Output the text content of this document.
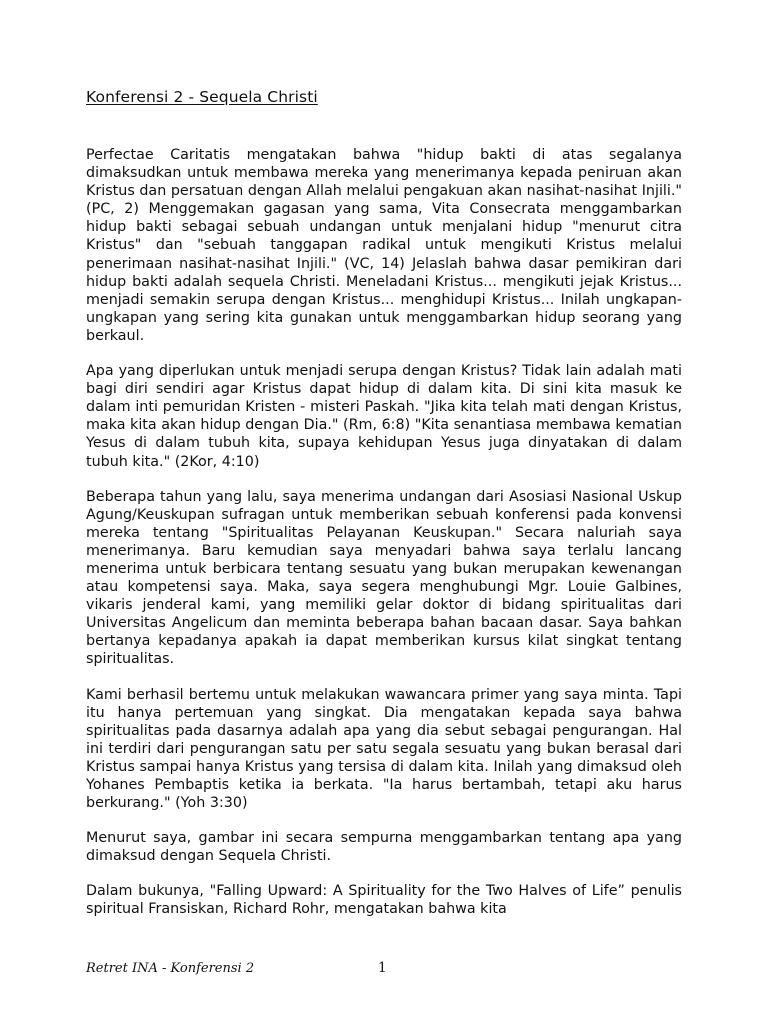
Konferensi 2 - Sequela Christi

Perfectae Caritatis mengatakan bahwa "hidup bakti di atas segalanya dimaksudkan untuk membawa mereka yang menerimanya kepada peniruan akan Kristus dan persatuan dengan Allah melalui pengakuan akan nasihat-nasihat Injili." (PC, 2) Menggemakan gagasan yang sama, Vita Consecrata menggambarkan hidup bakti sebagai sebuah undangan untuk menjalani hidup "menurut citra Kristus" dan "sebuah tanggapan radikal untuk mengikuti Kristus melalui penerimaan nasihat-nasihat Injili." (VC, 14) Jelaslah bahwa dasar pemikiran dari hidup bakti adalah sequela Christi. Meneladani Kristus... mengikuti jejak Kristus... menjadi semakin serupa dengan Kristus... menghidupi Kristus... Inilah ungkapan-ungkapan yang sering kita gunakan untuk menggambarkan hidup seorang yang berkaul.

Apa yang diperlukan untuk menjadi serupa dengan Kristus? Tidak lain adalah mati bagi diri sendiri agar Kristus dapat hidup di dalam kita. Di sini kita masuk ke dalam inti pemuridan Kristen - misteri Paskah. "Jika kita telah mati dengan Kristus, maka kita akan hidup dengan Dia." (Rm, 6:8) "Kita senantiasa membawa kematian Yesus di dalam tubuh kita, supaya kehidupan Yesus juga dinyatakan di dalam tubuh kita." (2Kor, 4:10)

Beberapa tahun yang lalu, saya menerima undangan dari Asosiasi Nasional Uskup Agung/Keuskupan sufragan untuk memberikan sebuah konferensi pada konvensi mereka tentang "Spiritualitas Pelayanan Keuskupan." Secara naluriah saya menerimanya. Baru kemudian saya menyadari bahwa saya terlalu lancang menerima untuk berbicara tentang sesuatu yang bukan merupakan kewenangan atau kompetensi saya. Maka, saya segera menghubungi Mgr. Louie Galbines, vikaris jenderal kami, yang memiliki gelar doktor di bidang spiritualitas dari Universitas Angelicum dan meminta beberapa bahan bacaan dasar. Saya bahkan bertanya kepadanya apakah ia dapat memberikan kursus kilat singkat tentang spiritualitas.

Kami berhasil bertemu untuk melakukan wawancara primer yang saya minta. Tapi itu hanya pertemuan yang singkat. Dia mengatakan kepada saya bahwa spiritualitas pada dasarnya adalah apa yang dia sebut sebagai pengurangan. Hal ini terdiri dari pengurangan satu per satu segala sesuatu yang bukan berasal dari Kristus sampai hanya Kristus yang tersisa di dalam kita. Inilah yang dimaksud oleh Yohanes Pembaptis ketika ia berkata. "Ia harus bertambah, tetapi aku harus berkurang." (Yoh 3:30)

Menurut saya, gambar ini secara sempurna menggambarkan tentang apa yang dimaksud dengan Sequela Christi.

Dalam bukunya, "Falling Upward: A Spirituality for the Two Halves of Life” penulis spiritual Fransiskan, Richard Rohr, mengatakan bahwa kita

Retret INA - Konferensi 2	1
